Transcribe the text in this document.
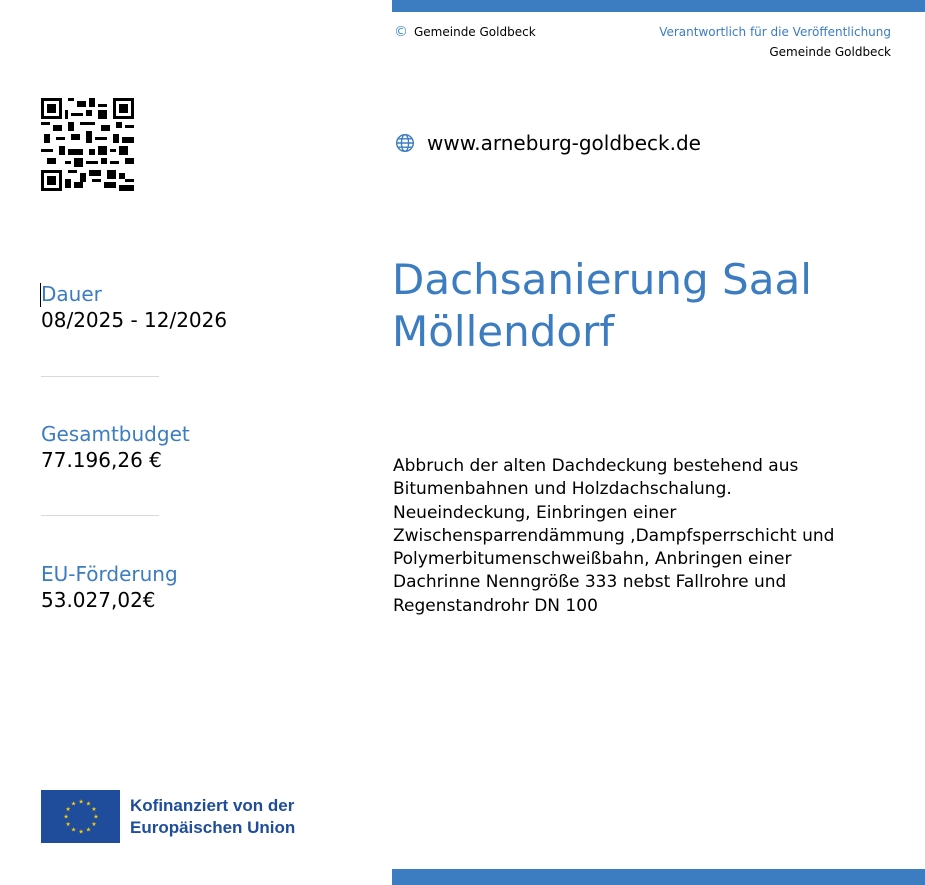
© Gemeinde Goldbeck	Verantwortlich für die Veröffentlichung
Gemeinde Goldbeck
www.arneburg-goldbeck.de
Dachsanierung Saal
Möllendorf
Abbruch der alten Dachdeckung bestehend aus Bitumenbahnen und Holzdachschalung. Neueindeckung, Einbringen einer Zwischensparrendämmung ,Dampfsperrschicht und Polymerbitumenschweißbahn, Anbringen einer Dachrinne Nenngröße 333 nebst Fallrohre und Regenstandrohr DN 100
Dauer
08/2025 - 12/2026
Gesamtbudget
77.196,26 €
EU-Förderung
53.027,02€
★ ★
★
★
★
★
★
★
★
★
★
★	Kofinanziert von der
Europäischen Union
